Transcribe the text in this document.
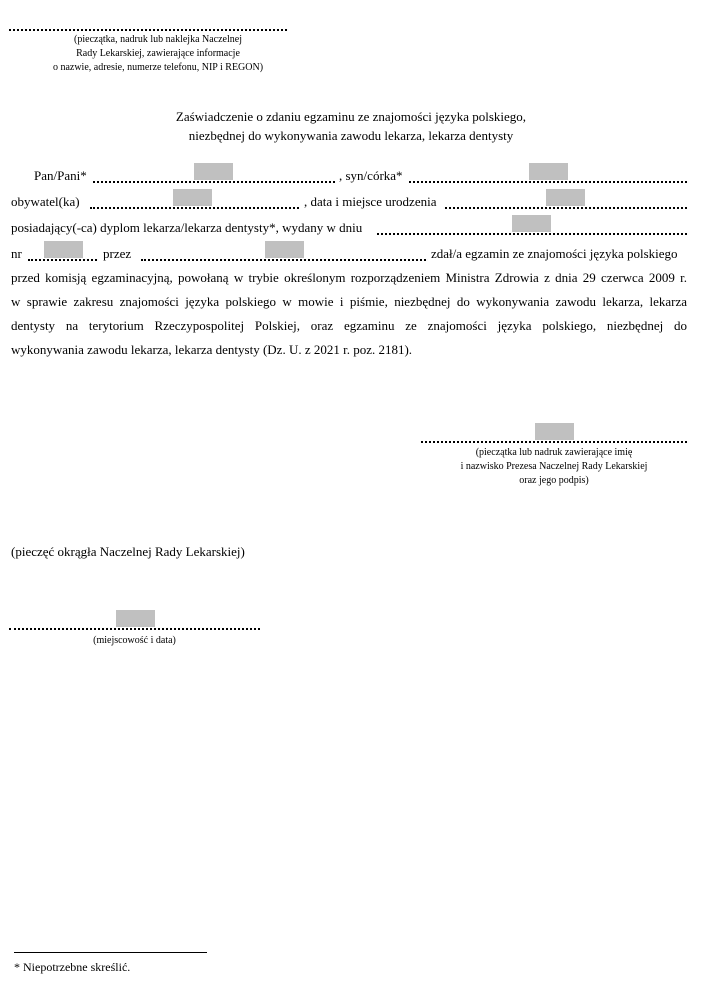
(pieczątka, nadruk lub naklejka Naczelnej
Rady Lekarskiej, zawierające informacje
o nazwie, adresie, numerze telefonu, NIP i REGON)
Zaświadczenie o zdaniu egzaminu ze znajomości języka polskiego,
niezbędnej do wykonywania zawodu lekarza, lekarza dentysty
Pan/Pani*	, syn/córka*
obywatel(ka)	, data i miejsce urodzenia
posiadający(-ca) dyplom lekarza/lekarza dentysty*, wydany w dniu
nr	przez	zdał/a egzamin ze znajomości języka polskiego
przed komisją egzaminacyjną, powołaną w trybie określonym rozporządzeniem Ministra Zdrowia z dnia 29 czerwca 2009 r.
w sprawie zakresu znajomości języka polskiego w mowie i piśmie, niezbędnej do wykonywania zawodu lekarza, lekarza
dentysty na terytorium Rzeczypospolitej Polskiej, oraz egzaminu ze znajomości języka polskiego, niezbędnej do
wykonywania zawodu lekarza, lekarza dentysty (Dz. U. z 2021 r. poz. 2181).
(pieczątka lub nadruk zawierające imię
i nazwisko Prezesa Naczelnej Rady Lekarskiej
oraz jego podpis)
(pieczęć okrągła Naczelnej Rady Lekarskiej)
(miejscowość i data)
* Niepotrzebne skreślić.
